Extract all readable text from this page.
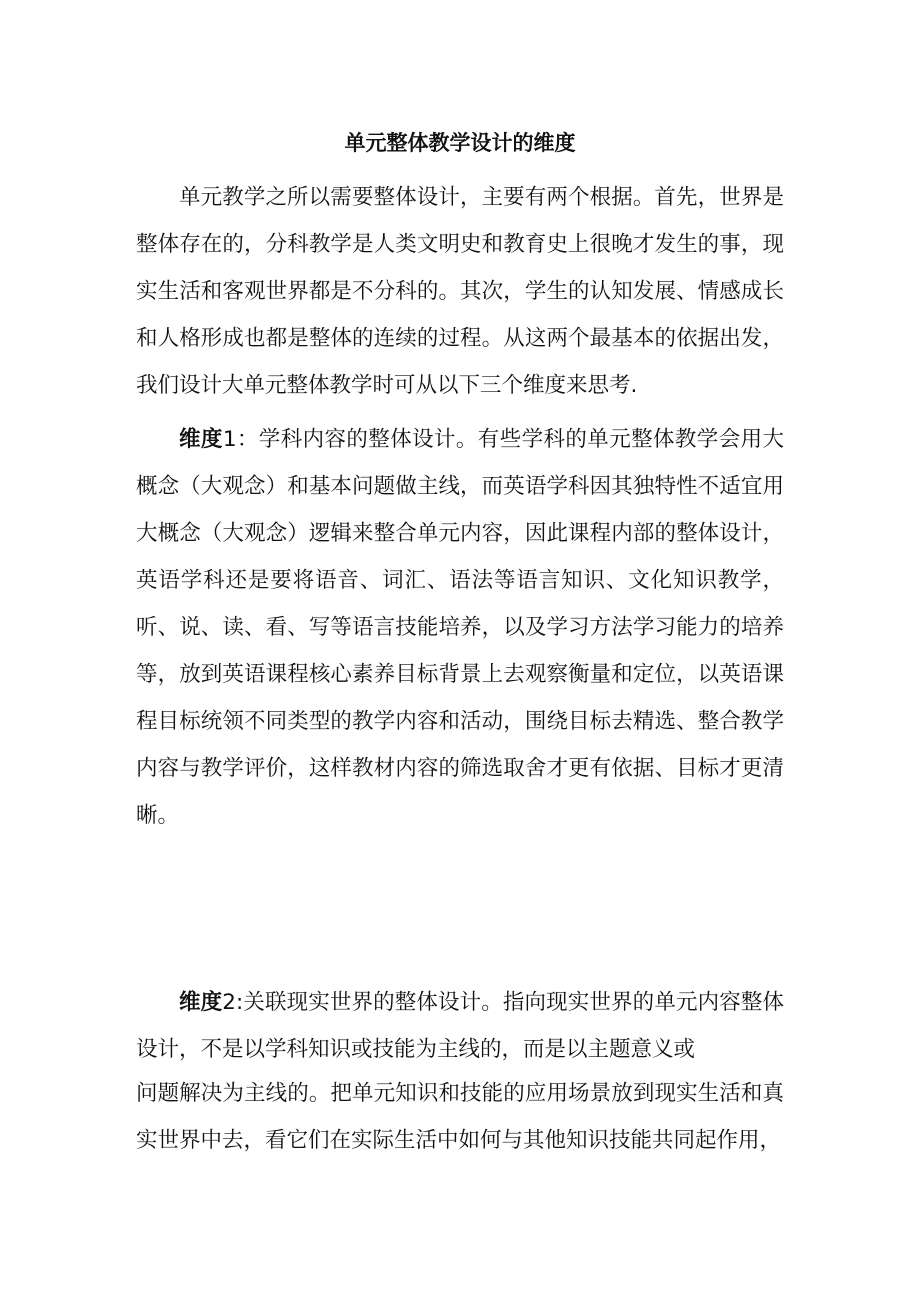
单元整体教学设计的维度

单元教学之所以需要整体设计，主要有两个根据。首先，世界是整体存在的，分科教学是人类文明史和教育史上很晚才发生的事，现实生活和客观世界都是不分科的。其次，学生的认知发展、情感成长和人格形成也都是整体的连续的过程。从这两个最基本的依据出发，我们设计大单元整体教学时可从以下三个维度来思考.

维度1：学科内容的整体设计。有些学科的单元整体教学会用大概念（大观念）和基本问题做主线，而英语学科因其独特性不适宜用大概念（大观念）逻辑来整合单元内容，因此课程内部的整体设计，英语学科还是要将语音、词汇、语法等语言知识、文化知识教学，听、说、读、看、写等语言技能培养，以及学习方法学习能力的培养等，放到英语课程核心素养目标背景上去观察衡量和定位，以英语课程目标统领不同类型的教学内容和活动，围绕目标去精选、整合教学内容与教学评价，这样教材内容的筛选取舍才更有依据、目标才更清晰。

维度2:关联现实世界的整体设计。指向现实世界的单元内容整体设计，不是以学科知识或技能为主线的，而是以主题意义或

问题解决为主线的。把单元知识和技能的应用场景放到现实生活和真实世界中去，看它们在实际生活中如何与其他知识技能共同起作用，
